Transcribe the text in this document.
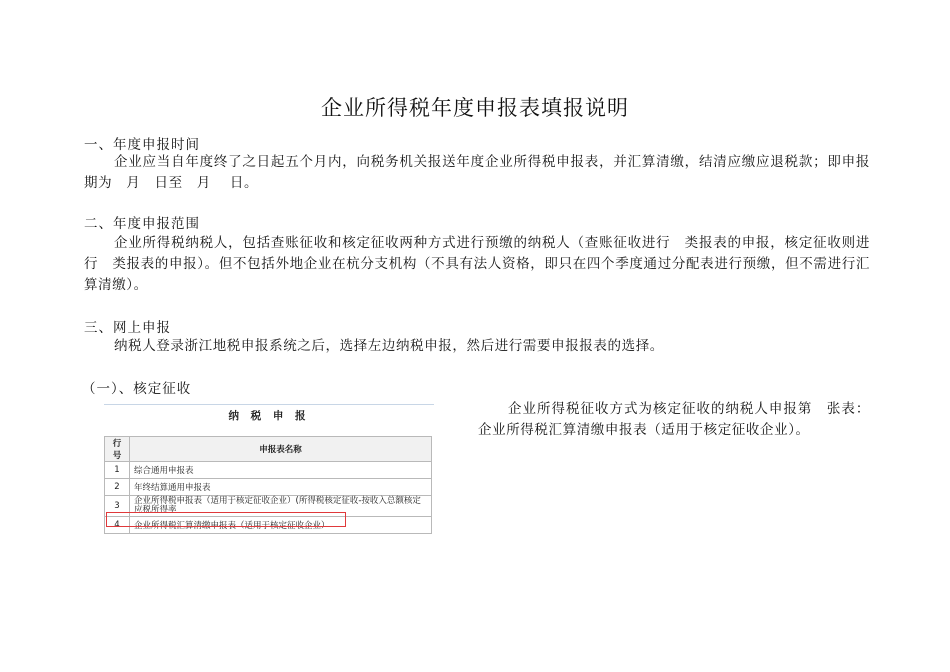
企业所得税年度申报表填报说明
一、年度申报时间

企业应当自年度终了之日起五个月内，向税务机关报送年度企业所得税申报表，并汇算清缴，结清应缴应退税款；即申报期为　月　日至　月　 日。

二、年度申报范围

企业所得税纳税人，包括查账征收和核定征收两种方式进行预缴的纳税人（查账征收进行　类报表的申报，核定征收则进行　类报表的申报）。但不包括外地企业在杭分支机构（不具有法人资格，即只在四个季度通过分配表进行预缴，但不需进行汇算清缴）。

三、网上申报

纳税人登录浙江地税申报系统之后，选择左边纳税申报，然后进行需要申报报表的选择。

（一）、核定征收
纳 税 申 报
行号	申报表名称
1	综合通用申报表
2	年终结算通用申报表
3	企业所得税申报表（适用于核定征收企业）(所得税核定征收-按收入总额核定应税所得率
4	企业所得税汇算清缴申报表（适用于核定征收企业）

企业所得税征收方式为核定征收的纳税人申报第　张表：企业所得税汇算清缴申报表（适用于核定征收企业）。
